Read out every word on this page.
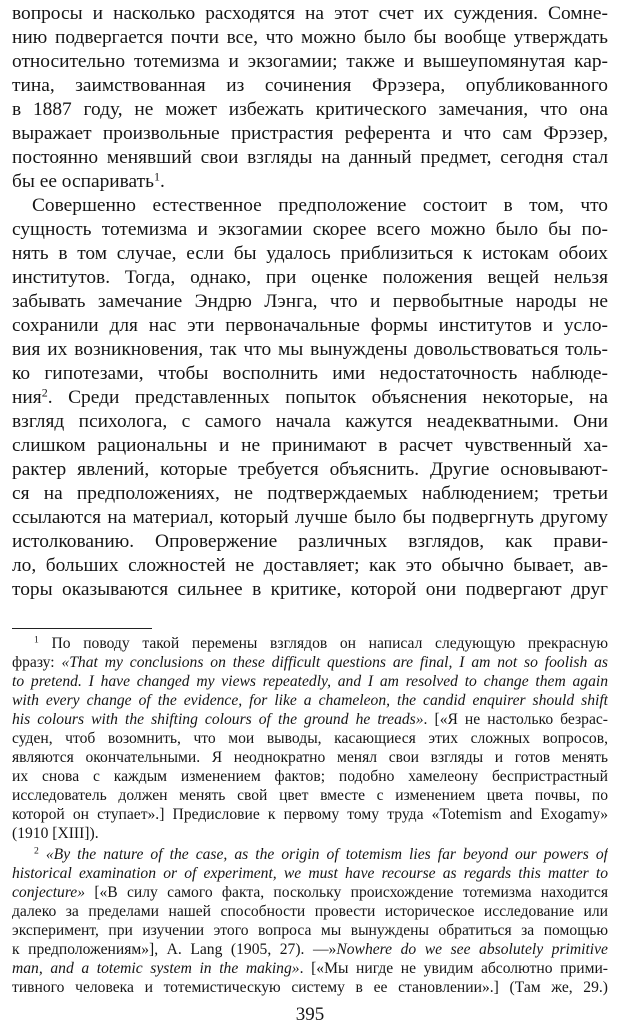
вопросы и насколько расходятся на этот счет их суждения. Сомне-
нию подвергается почти все, что можно было бы вообще утверждать
относительно тотемизма и экзогамии; также и вышеупомянутая кар-
тина, заимствованная из сочинения Фрэзера, опубликованного
в 1887 году, не может избежать критического замечания, что она
выражает произвольные пристрастия референта и что сам Фрэзер,
постоянно менявший свои взгляды на данный предмет, сегодня стал
бы ее оспаривать$^1$.
Совершенно естественное предположение состоит в том, что
сущность тотемизма и экзогамии скорее всего можно было бы по-
нять в том случае, если бы удалось приблизиться к истокам обоих
институтов. Тогда, однако, при оценке положения вещей нельзя
забывать замечание Эндрю Лэнга, что и первобытные народы не
сохранили для нас эти первоначальные формы институтов и усло-
вия их возникновения, так что мы вынуждены довольствоваться толь-
ко гипотезами, чтобы восполнить ими недостаточность наблюде-
ния$^2$. Среди представленных попыток объяснения некоторые, на
взгляд психолога, с самого начала кажутся неадекватными. Они
слишком рациональны и не принимают в расчет чувственный ха-
рактер явлений, которые требуется объяснить. Другие основывают-
ся на предположениях, не подтверждаемых наблюдением; третьи
ссылаются на материал, который лучше было бы подвергнуть другому
истолкованию. Опровержение различных взглядов, как прави-
ло, больших сложностей не доставляет; как это обычно бывает, ав-
торы оказываются сильнее в критике, которой они подвергают друг
$^1$ По поводу такой перемены взглядов он написал следующую прекрасную
фразу: «That my conclusions on these difficult questions are final, I am not so foolish as
to pretend. I have changed my views repeatedly, and I am resolved to change them again
with every change of the evidence, for like a chameleon, the candid enquirer should shift
his colours with the shifting colours of the ground he treads». [«Я не настолько безрас-
суден, чтоб возомнить, что мои выводы, касающиеся этих сложных вопросов,
являются окончательными. Я неоднократно менял свои взгляды и готов менять
их снова с каждым изменением фактов; подобно хамелеону беспристрастный
исследователь должен менять свой цвет вместе с изменением цвета почвы, по
которой он ступает».] Предисловие к первому тому труда «Totemism and Exogamy»
(1910 [XIII]).
$^2$ «By the nature of the case, as the origin of totemism lies far beyond our powers of
historical examination or of experiment, we must have recourse as regards this matter to
conjecture» [«В силу самого факта, поскольку происхождение тотемизма находится
далеко за пределами нашей способности провести историческое исследование или
эксперимент, при изучении этого вопроса мы вынуждены обратиться за помощью
к предположениям»], A. Lang (1905, 27). —»Nowhere do we see absolutely primitive
man, and a totemic system in the making». [«Мы нигде не увидим абсолютно прими-
тивного человека и тотемистическую систему в ее становлении».] (Там же, 29.)
395
